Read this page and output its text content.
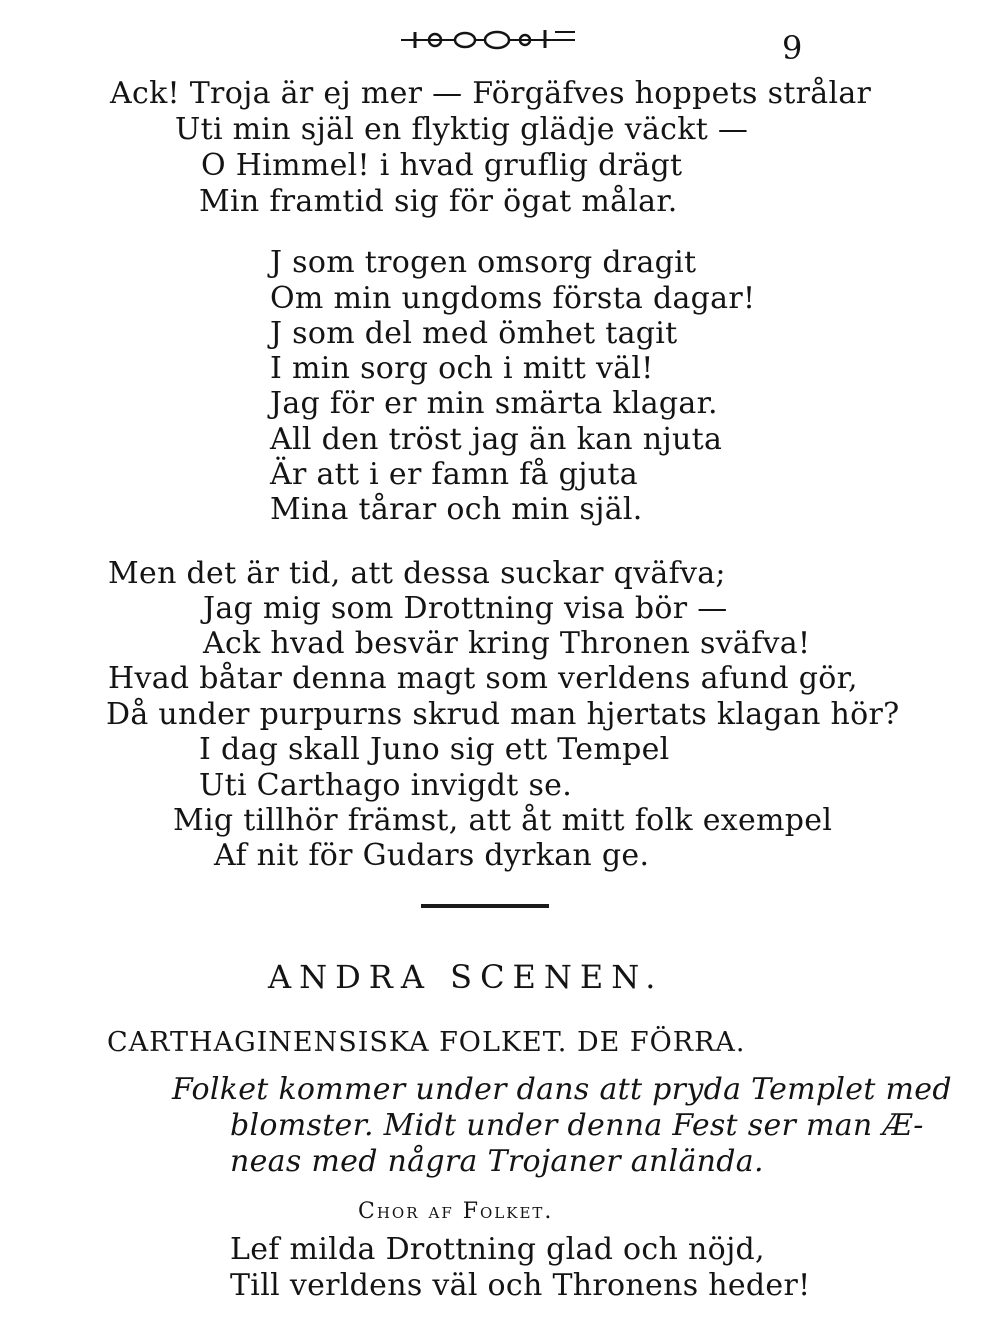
9
Ack! Troja är ej mer — Förgäfves hoppets strålar
Uti min själ en flyktig glädje väckt —
O Himmel! i hvad gruflig drägt
Min framtid sig för ögat målar.
J som trogen omsorg dragit
Om min ungdoms första dagar!
J som del med ömhet tagit
I min sorg och i mitt väl!
Jag för er min smärta klagar.
All den tröst jag än kan njuta
Är att i er famn få gjuta
Mina tårar och min själ.
Men det är tid, att dessa suckar qväfva;
Jag mig som Drottning visa bör —
Ack hvad besvär kring Thronen sväfva!
Hvad båtar denna magt som verldens afund gör,
Då under purpurns skrud man hjertats klagan hör?
I dag skall Juno sig ett Tempel
Uti Carthago invigdt se.
Mig tillhör främst, att åt mitt folk exempel
Af nit för Gudars dyrkan ge.
ANDRA SCENEN.
CARTHAGINENSISKA FOLKET. DE FÖRRA.
Folket kommer under dans att pryda Templet med
blomster. Midt under denna Fest ser man Æ-
neas med några Trojaner anlända.
Chor af Folket.
Lef milda Drottning glad och nöjd,
Till verldens väl och Thronens heder!
